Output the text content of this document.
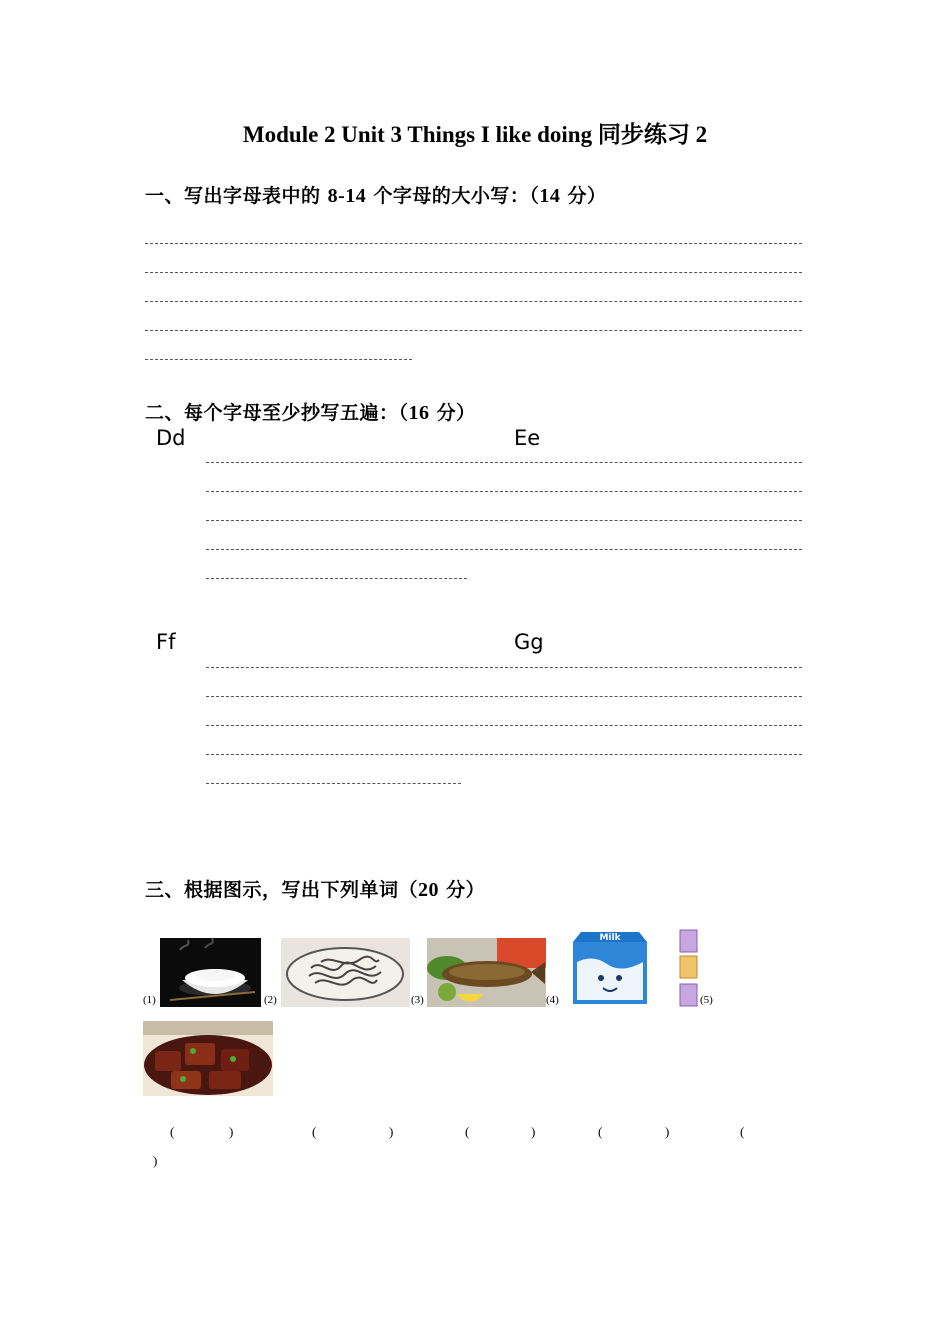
Module 2 Unit 3 Things I like doing 同步练习 2
一、写出字母表中的 8-14 个字母的大小写：（14 分）
二、每个字母至少抄写五遍：（16 分）
Dd	Ee
Ff	Gg
三、根据图示，写出下列单词（20 分）
(1)	(2)	(3)	(4)	(5)
Milk
(	)	(	)	(	)	(	)	(
)
